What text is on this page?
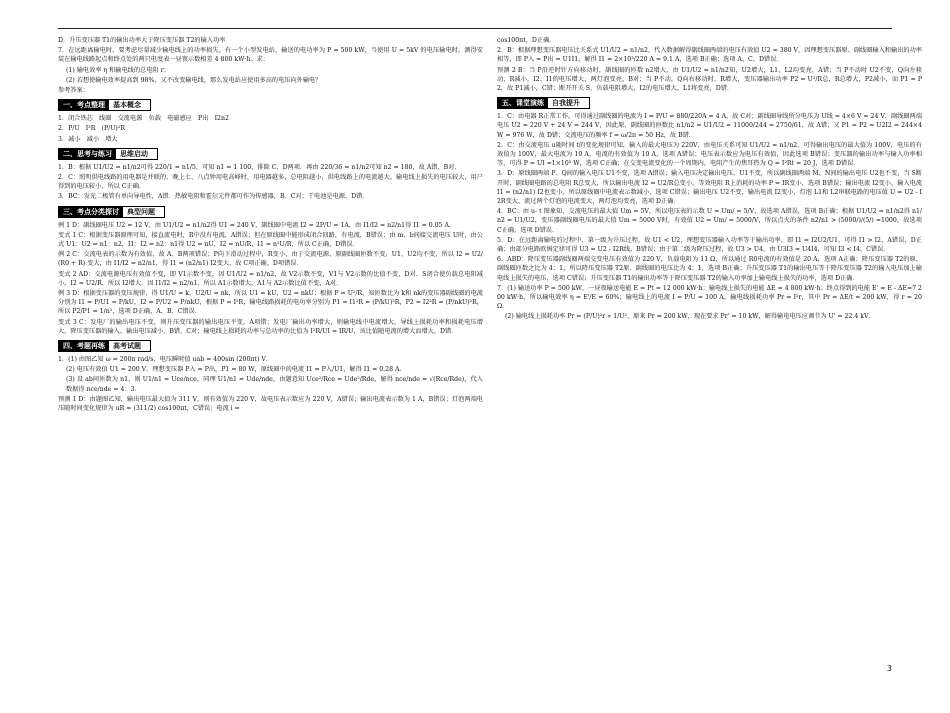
D．升压变压器 T1的输出功率大于降压变压器 T2的输入功率

7．在远距离输电时，要考虑尽量减少输电线上的功率损失。有一个小型发电站，输送的电功率为 P = 500 kW，当使用 U = 5kV 的电压输电时，测得安装在输电线路起点和终点处的两只电度表一昼夜示数相差 4 800 kW·h。求：

(1) 输电效率 η 和输电线的总电阻 r；

(2) 若想使输电效率提高到 98%，又不改变输电线，那么发电站应使用多高的电压向外输电？

参考答案：

一、考点整理 基本概念

1．闭合铁芯　线圈　交流电源　负载　电磁感应　P出　I2n2

2．P/U　I²R　(P/U)²R

3．减小　减小　增大

二、思考与练习 思维启动

1．B：根据 U1/U2 = n1/n2可得 220/1 = n1/5，可知 n1 = 1 100，排除 C、D两项．再由 220/36 = n1/n2可知 n2 = 180，故 A错、B对．

2．C：照明供电线路的用电器是并联的，晚上七、八点钟用电高峰时，用电器越多，总电阻越小，供电线路上的电流越大，输电线上损失的电压较大，用户得到的电压较小，所以 C正确．

3．BC：发光二极管有单向导电性，A错．热敏电阻和霍尔元件都可作为传感器，B、C对；干电池是电源，D错．

三、考点分类探讨 典型问题

例 1 D：副线圈电压 U2 = 12 V，由 U1/U2 = n1/n2得 U1 = 240 V，副线圈中电流 I2 = 2P/U = 1A，由 I1/I2 = n2/n1得 I1 = 0.05 A．

变式 1 C：根据变压器原理可知，接直流电时，R中没有电流，A错误；但在原线圈中能形成闭合回路，有电流，B错误；由 m、b间接交流电压 U时，由公式 U1：U2 = n1：n2，I1：I2 = n2：n1得 U2 = nU，I2 = nU/R，I1 = n²U/R，所以 C正确，D错误．

例 2 C：交流电表的示数为有效值，故 A、B两项错误；P向下滑动过程中，R变小，由于交流电源、原副线圈匝数不变，U1、U2均不变，所以 I2 = U2/(R0 + R) 变大，由 I1/I2 = n2/n1，得 I1 = (n2/n1) I2变大，故 C项正确、D项错误．

变式 2 AD：交流电源电压有效值不变，即 V1示数不变，因 U1/U2 = n1/n2，故 V2示数不变，V1与 V2示数的比值不变，D对．S闭合使负载总电阻减小，I2 = U2/R，所以 I2增大．因 I1/I2 = n2/n1，所以 A1示数增大，A1与 A2示数比值不变，A对．

例 3 D：根据变压器的变压规律，得 U1/U = k，U2/U = nk，所以 U1 = kU，U2 = nkU；根据 P = U²/R，知匝数比为 k和 nk的变压器副线圈的电流分别为 I1 = P/U1 = P/kU，I2 = P/U2 = P/nkU，根据 P = I²R，输电线路损耗的电功率分别为 P1 = I1²R = (P/kU)²R，P2 = I2²R = (P/nkU)²R，所以 P2/P1 = 1/n²，选项 D正确，A、B、C错误．

变式 3 C：发电厂的输出电压不变，则升压变压器的输出电压不变，A项错；发电厂输出功率增大，则输电线中电流增大，导线上损耗功率和损耗电压增大，降压变压器的输入、输出电压减小，B错、C对；输电线上损耗的功率与总功率的比值为 I²R/UI = IR/U，该比值随电流的增大而增大，D错．

四、考题再练 高考试题

1．(1) 由图乙知 ω = 200π rad/s，电压瞬时值 uab = 400sin (200πt) V．

(2) 电压有效值 U1 = 200 V，理想变压器 P入 = P出，P1 = 80 W，原线圈中的电流 I1 = P入/U1，解得 I1 = 0.28 A．

(3) 设 ab间匝数为 n1，则 U1/n1 = Uce/nce，同理 U1/n1 = Ude/nde，由题意知 Uce²/Rce = Ude²/Rde，解得 nce/nde = √(Rce/Rde)，代入数据得 nce/nde = 4：3．

预测 1 D：由题图乙知，输出电压最大值为 311 V，则有效值为 220 V，故电压表示数应为 220 V，A错误；输出电流表示数为 1 A，B错误；灯泡两端电压随时间变化规律为 uR = (311/2) cos100πt，C错误；电流 i =

cos100πt，D正确．

2．B：根据理想变压器电压比关系式 U1/U2 = n1/n2，代入数据解得副线圈两端的电压有效值 U2 = 380 V，因理想变压器原、副线圈输入和输出的功率相等，即 P入 = P出 = U1I1，解得 I1 = 2×10³/220 A ≈ 9.1 A，选项 B正确；选项 A、C、D错误．

预测 2 B：当 P沿逆时针方向移动时，副线圈的匝数 n2增大，由 U1/U2 = n1/n2知，U2增大，L1、L2均变亮，A错；当 P不动时 U2不变，Q向左移动，R减小，I2、I1的电压增大，两灯泡变亮，B对；当 P不动，Q向右移动时，R增大，变压器输出功率 P2 = U²/R总，R总增大，P2减小，而 P1 = P2，故 P1减小，C错；断开开关 S，负载电阻增大，I2的电压增大，L1将变亮，D错．

五、课堂演练 自我提升

1．C：由电器 R正常工作，可得通过副线圈的电流为 I = P/U = 880/220A = 4 A，故 C对；副线圈导线所分电压为 U线 = 4×6 V = 24 V，副线圈两端电压 U2 = 220 V + 24 V = 244 V，因此原、副线圈的匝数比 n1/n2 = U1/U2 = 11000/244 = 2750/61，故 A错；又 P1 = P2 = U2I2 = 244×4 W = 976 W，故 D错；交流电压的频率 f = ω/2π = 50 Hz，故 B错．

2．C：由交流电压 u随时间 t的变化规律可知，输入的最大电压为 220V，由电压关系可知 U1/U2 = n1/n2，可得输出电压的最大值为 100V，电压的有效值为 100V，最大电流为 10 A，电流的有效值为 10 A，选项 A错误；电压表示数应为电压有效值，因此选项 B错误；变压器的输出功率与输入功率相等，可得 P = UI =1×10³ W，选项 C正确；在交变电流变化的一个周期内，电阻产生的焦耳热为 Q = I²Rt = 20 J，选项 D错误．

3．D：原线圈两端 P、Q间的输入电压 U1不变，选项 A错误；输入电压决定输出电压，U1不变，所以副线圈两端 M、N间的输出电压 U2也不变，当 S断开时，副线圈电路的总电阻 R总变大，所以输出电流 I2 = U2/R总变小，等效电阻 R上消耗的功率 P = IR变小，选项 B错误；输出电流 I2变小，输入电流 I1 = (n2/n1) I2也变小，所以原线圈中电流表示数减小，选项 C错误；输出电压 U2不变，输出电流 I2变小，灯泡 L1和 L2串联电路的电压值 U = U2 - I2R变大，流过两个灯泡的电流变大，两灯泡均变亮，选项 D正确．

4．BC：由 u- t 图象知，交流电压的最大值 Um = 5V，所以电压表的示数 U = Um/ = 5/V，故选项 A错误，选项 B正确；根据 U1/U2 = n1/n2得 n1/n2 = U1/U2，变压器副线圈电压的最大值 Um = 5000 V时，有效值 U2 = Um/ = 5000/V，所以点火的条件 n2/n1 > (5000/)/(5/) =1000，故选项 C正确，选项 D错误．

5．D：在远距离输电的过程中，第一级为升压过程，故 U1 < U2，理想变压器输入功率等于输出功率，即 I1 = I2U2/U1，可得 I1 > I2，A错误，D正确；由部分电路欧姆定律可得 U3 = U2 - I2R线，B错误；由于第二级为降压过程，故 U3 > U4，由 U3I3 = U4I4，可知 I3 < I4，C错误．

6．ABD：降压变压器副线圈两端交变电压有效值为 220 V，负载电阻为 11 Ω，所以通过 R0电流的有效值是 20 A，选项 A正确；降压变压器 T2的原、副线圈匝数之比为 4：1，所以降压变压器 T2原、副线圈的电压比为 4：1，选项 B正确；升压变压器 T1的输出电压等于降压变压器 T2的输入电压加上输电线上损失的电压，选项 C错误；升压变压器 T1的输出功率等于降压变压器 T2的输入功率加上输电线上损失的功率，选项 D正确．

7．(1) 输送功率 P = 500 kW，一昼夜输送电能 E = Pt = 12 000 kW·h；输电线上损失的电能 ΔE = 4 800 kW·h；终点得到的电能 E' = E - ΔE=7 200 kW·h，所以输电效率 η = E'/E = 60%；输电线上的电流 I = P/U = 100 A，输电线损耗功率 Pr = I²r，其中 Pr = ΔE/t = 200 kW，得 r = 20 Ω．

(2) 输电线上损耗功率 Pr = (P/U)²r ∝ 1/U²，原来 Pr = 200 kW，现在要求 Pr' = 10 kW，解得输电电压应调节为 U' = 22.4 kV．

3
